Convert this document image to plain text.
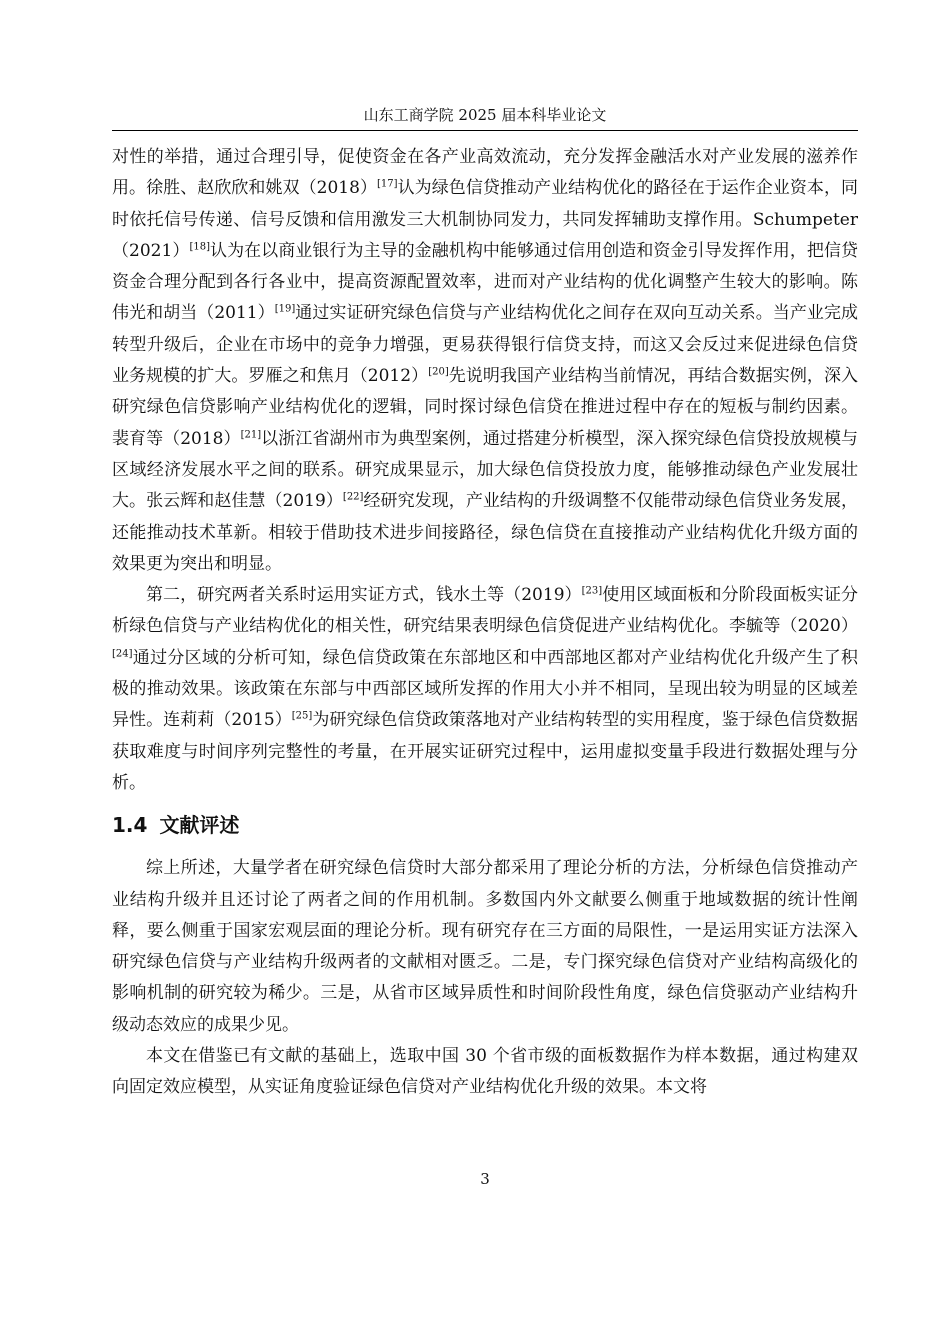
山东工商学院 2025 届本科毕业论文

对性的举措，通过合理引导，促使资金在各产业高效流动，充分发挥金融活水对产业发展的滋养作用。徐胜、赵欣欣和姚双（2018）[17]认为绿色信贷推动产业结构优化的路径在于运作企业资本，同时依托信号传递、信号反馈和信用激发三大机制协同发力，共同发挥辅助支撑作用。Schumpeter（2021）[18]认为在以商业银行为主导的金融机构中能够通过信用创造和资金引导发挥作用，把信贷资金合理分配到各行各业中，提高资源配置效率，进而对产业结构的优化调整产生较大的影响。陈伟光和胡当（2011）[19]通过实证研究绿色信贷与产业结构优化之间存在双向互动关系。当产业完成转型升级后，企业在市场中的竞争力增强，更易获得银行信贷支持，而这又会反过来促进绿色信贷业务规模的扩大。罗雁之和焦月（2012）[20]先说明我国产业结构当前情况，再结合数据实例，深入研究绿色信贷影响产业结构优化的逻辑，同时探讨绿色信贷在推进过程中存在的短板与制约因素。裴育等（2018）[21]以浙江省湖州市为典型案例，通过搭建分析模型，深入探究绿色信贷投放规模与区域经济发展水平之间的联系。研究成果显示，加大绿色信贷投放力度，能够推动绿色产业发展壮大。张云辉和赵佳慧（2019）[22]经研究发现，产业结构的升级调整不仅能带动绿色信贷业务发展，还能推动技术革新。相较于借助技术进步间接路径，绿色信贷在直接推动产业结构优化升级方面的效果更为突出和明显。

第二，研究两者关系时运用实证方式，钱水土等（2019）[23]使用区域面板和分阶段面板实证分析绿色信贷与产业结构优化的相关性，研究结果表明绿色信贷促进产业结构优化。李毓等（2020）[24]通过分区域的分析可知，绿色信贷政策在东部地区和中西部地区都对产业结构优化升级产生了积极的推动效果。该政策在东部与中西部区域所发挥的作用大小并不相同，呈现出较为明显的区域差异性。连莉莉（2015）[25]为研究绿色信贷政策落地对产业结构转型的实用程度，鉴于绿色信贷数据获取难度与时间序列完整性的考量，在开展实证研究过程中，运用虚拟变量手段进行数据处理与分析。

1.4 文献评述

综上所述，大量学者在研究绿色信贷时大部分都采用了理论分析的方法，分析绿色信贷推动产业结构升级并且还讨论了两者之间的作用机制。多数国内外文献要么侧重于地域数据的统计性阐释，要么侧重于国家宏观层面的理论分析。现有研究存在三方面的局限性，一是运用实证方法深入研究绿色信贷与产业结构升级两者的文献相对匮乏。二是，专门探究绿色信贷对产业结构高级化的影响机制的研究较为稀少。三是，从省市区域异质性和时间阶段性角度，绿色信贷驱动产业结构升级动态效应的成果少见。

本文在借鉴已有文献的基础上，选取中国 30 个省市级的面板数据作为样本数据，通过构建双向固定效应模型，从实证角度验证绿色信贷对产业结构优化升级的效果。本文将

3
